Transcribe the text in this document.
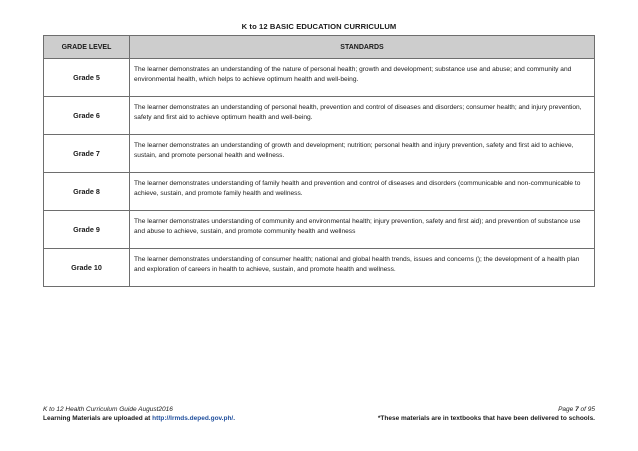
K to 12 BASIC EDUCATION CURRICULUM
GRADE LEVEL	STANDARDS
Grade 5	The learner demonstrates an understanding of the nature of personal health; growth and development; substance use and abuse; and community and environmental health, which helps to achieve optimum health and well-being.
Grade 6	The learner demonstrates an understanding of personal health, prevention and control of diseases and disorders; consumer health; and injury prevention, safety and first aid to achieve optimum health and well-being.
Grade 7	The learner demonstrates an understanding of growth and development; nutrition; personal health and injury prevention, safety and first aid to achieve, sustain, and promote personal health and wellness.
Grade 8	The learner demonstrates understanding of family health and prevention and control of diseases and disorders (communicable and non-communicable to achieve, sustain, and promote family health and wellness.
Grade 9	The learner demonstrates understanding of community and environmental health; injury prevention, safety and first aid); and prevention of substance use and abuse to achieve, sustain, and promote community health and wellness
Grade 10	The learner demonstrates understanding of consumer health; national and global health trends, issues and concerns (); the development of a health plan and exploration of careers in health to achieve, sustain, and promote health and wellness.
K to 12 Health Curriculum Guide August2016	Page 7 of 95
Learning Materials are uploaded at http://lrmds.deped.gov.ph/.	*These materials are in textbooks that have been delivered to schools.
